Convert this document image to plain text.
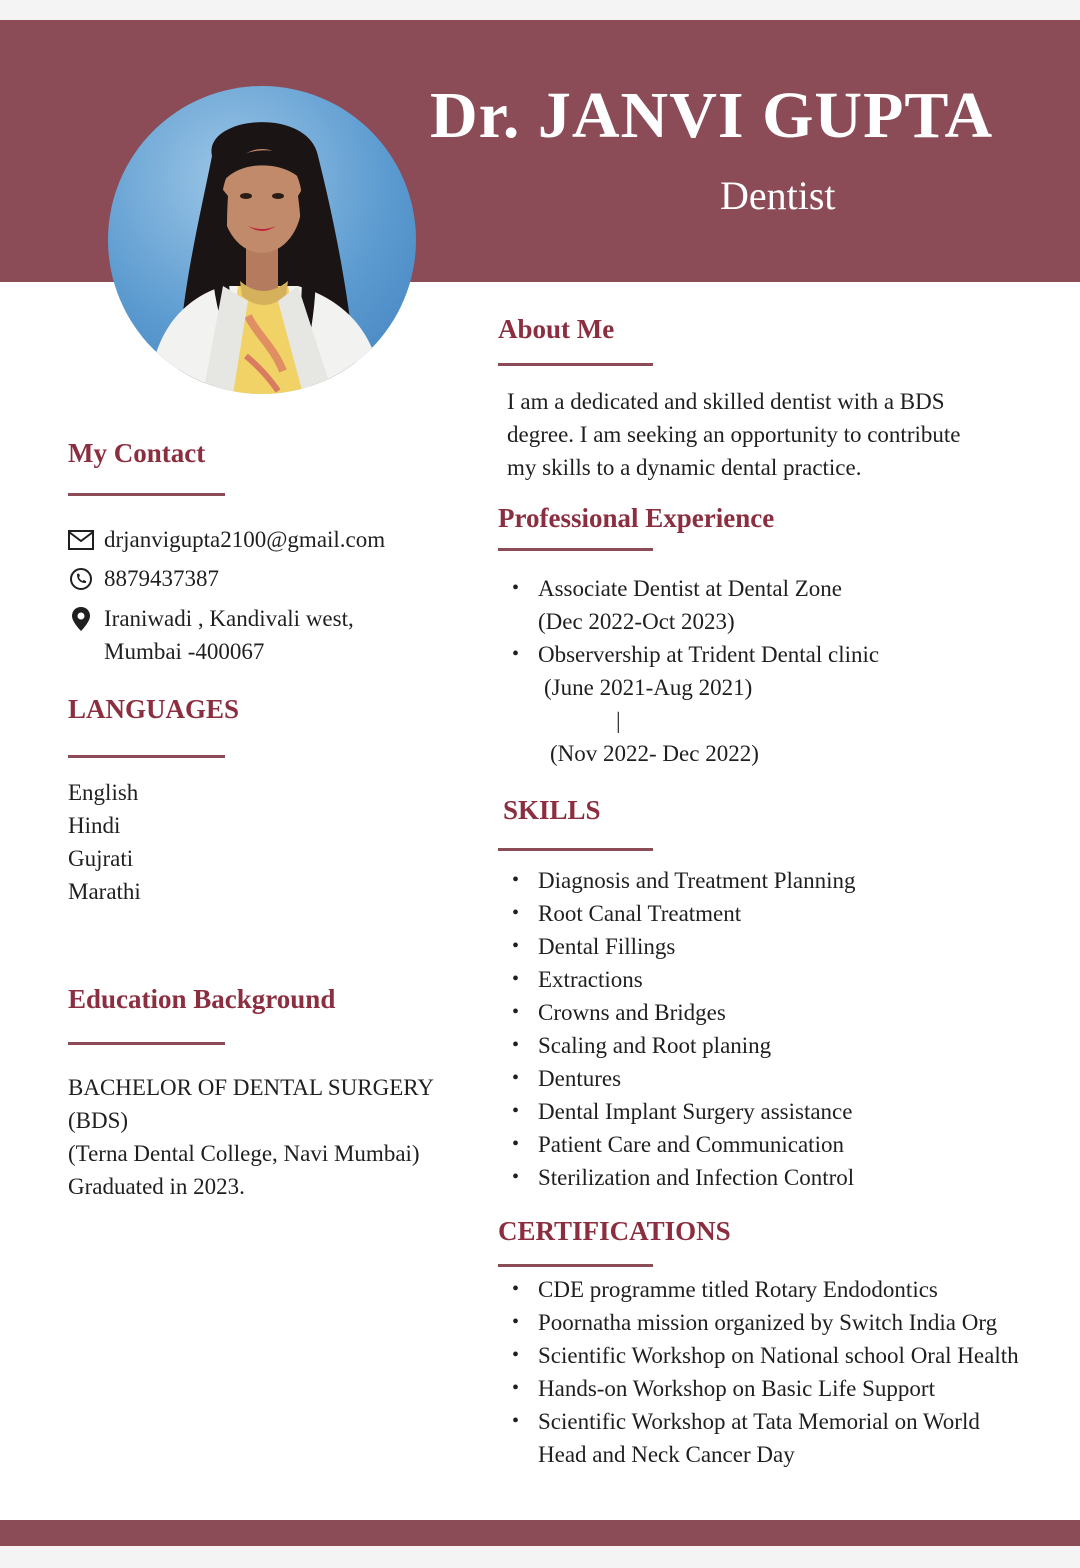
Dr. JANVI GUPTA
Dentist
My Contact
drjanvigupta2100@gmail.com
8879437387
Iraniwadi , Kandivali west,
Mumbai -400067
LANGUAGES
English
Hindi
Gujrati
Marathi
Education Background
BACHELOR OF DENTAL SURGERY
(BDS)
(Terna Dental College, Navi Mumbai)
Graduated in 2023.
About Me
I am a dedicated and skilled dentist with a BDS
degree. I am seeking an opportunity to contribute
my skills to a dynamic dental practice.
Professional Experience
• Associate Dentist at Dental Zone
(Dec 2022-Oct 2023)
• Observership at Trident Dental clinic
(June 2021-Aug 2021)
|
(Nov 2022- Dec 2022)
SKILLS
• Diagnosis and Treatment Planning
• Root Canal Treatment
• Dental Fillings
• Extractions
• Crowns and Bridges
• Scaling and Root planing
• Dentures
• Dental Implant Surgery assistance
• Patient Care and Communication
• Sterilization and Infection Control
CERTIFICATIONS
• CDE programme titled Rotary Endodontics
• Poornatha mission organized by Switch India Org
• Scientific Workshop on National school Oral Health
• Hands-on Workshop on Basic Life Support
• Scientific Workshop at Tata Memorial on World
Head and Neck Cancer Day
